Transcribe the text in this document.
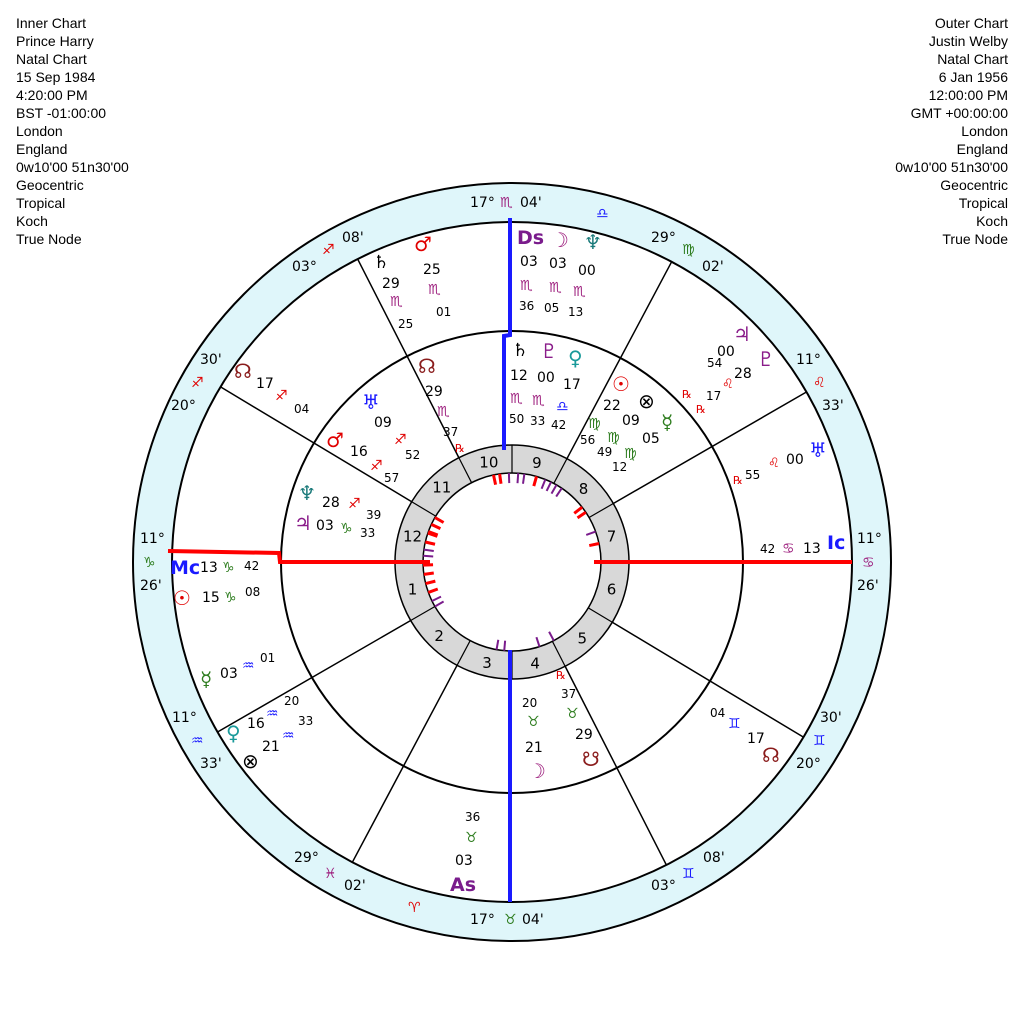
Inner Chart
Prince Harry
Natal Chart
15 Sep 1984
4:20:00 PM
BST -01:00:00
London
England
0w10'00 51n30'00
Geocentric
Tropical
Koch
True Node
Outer Chart
Justin Welby
Natal Chart
6 Jan 1956
12:00:00 PM
GMT +00:00:00
London
England
0w10'00 51n30'00
Geocentric
Tropical
Koch
True Node
1
2
3	4
5
6
7
8
9
10
11
12
17° ♏ 04'
17° ♉ 04'
11°
♑
26'
11°
♋
26'
03°
♐
08'	29°
♍
02'
29°
♓
02'	03°
♊
08'
20°
♐
30'	11°
♌
33'
11°
♒
33'
30'
♊
20°
♎
♈
♄
29
♏
25
♂
25
♏
01
Ds
03
♏
36
☽
03
♏
05
♆
00
♏
13
♃
00
54
℞
♇
28
♌
17
℞
♅
00
♌
55
℞
Ic
13
♋
42
04
♊
17
☊
36
♉
03
As
Mc 13 ♑ 42
☉ 15 ♑ 08
☿ 03 ♒ 01
♀ 16
♒
20
⊗
21
♒
33
☊
17
♐
04
♄
12
♏
50
♇
00
♏
33
♀
17
♎
42
☊
29
♏
37
℞
♅
09
♐
52
♂ 16
♐
57
♆ 28 ♐
39
♃ 03 ♑ 33
☉
22
♍
56
⊗
09
♍
49
☿
05
♍
12
℞
37
♉
29
☋
20
♉
21
☽
